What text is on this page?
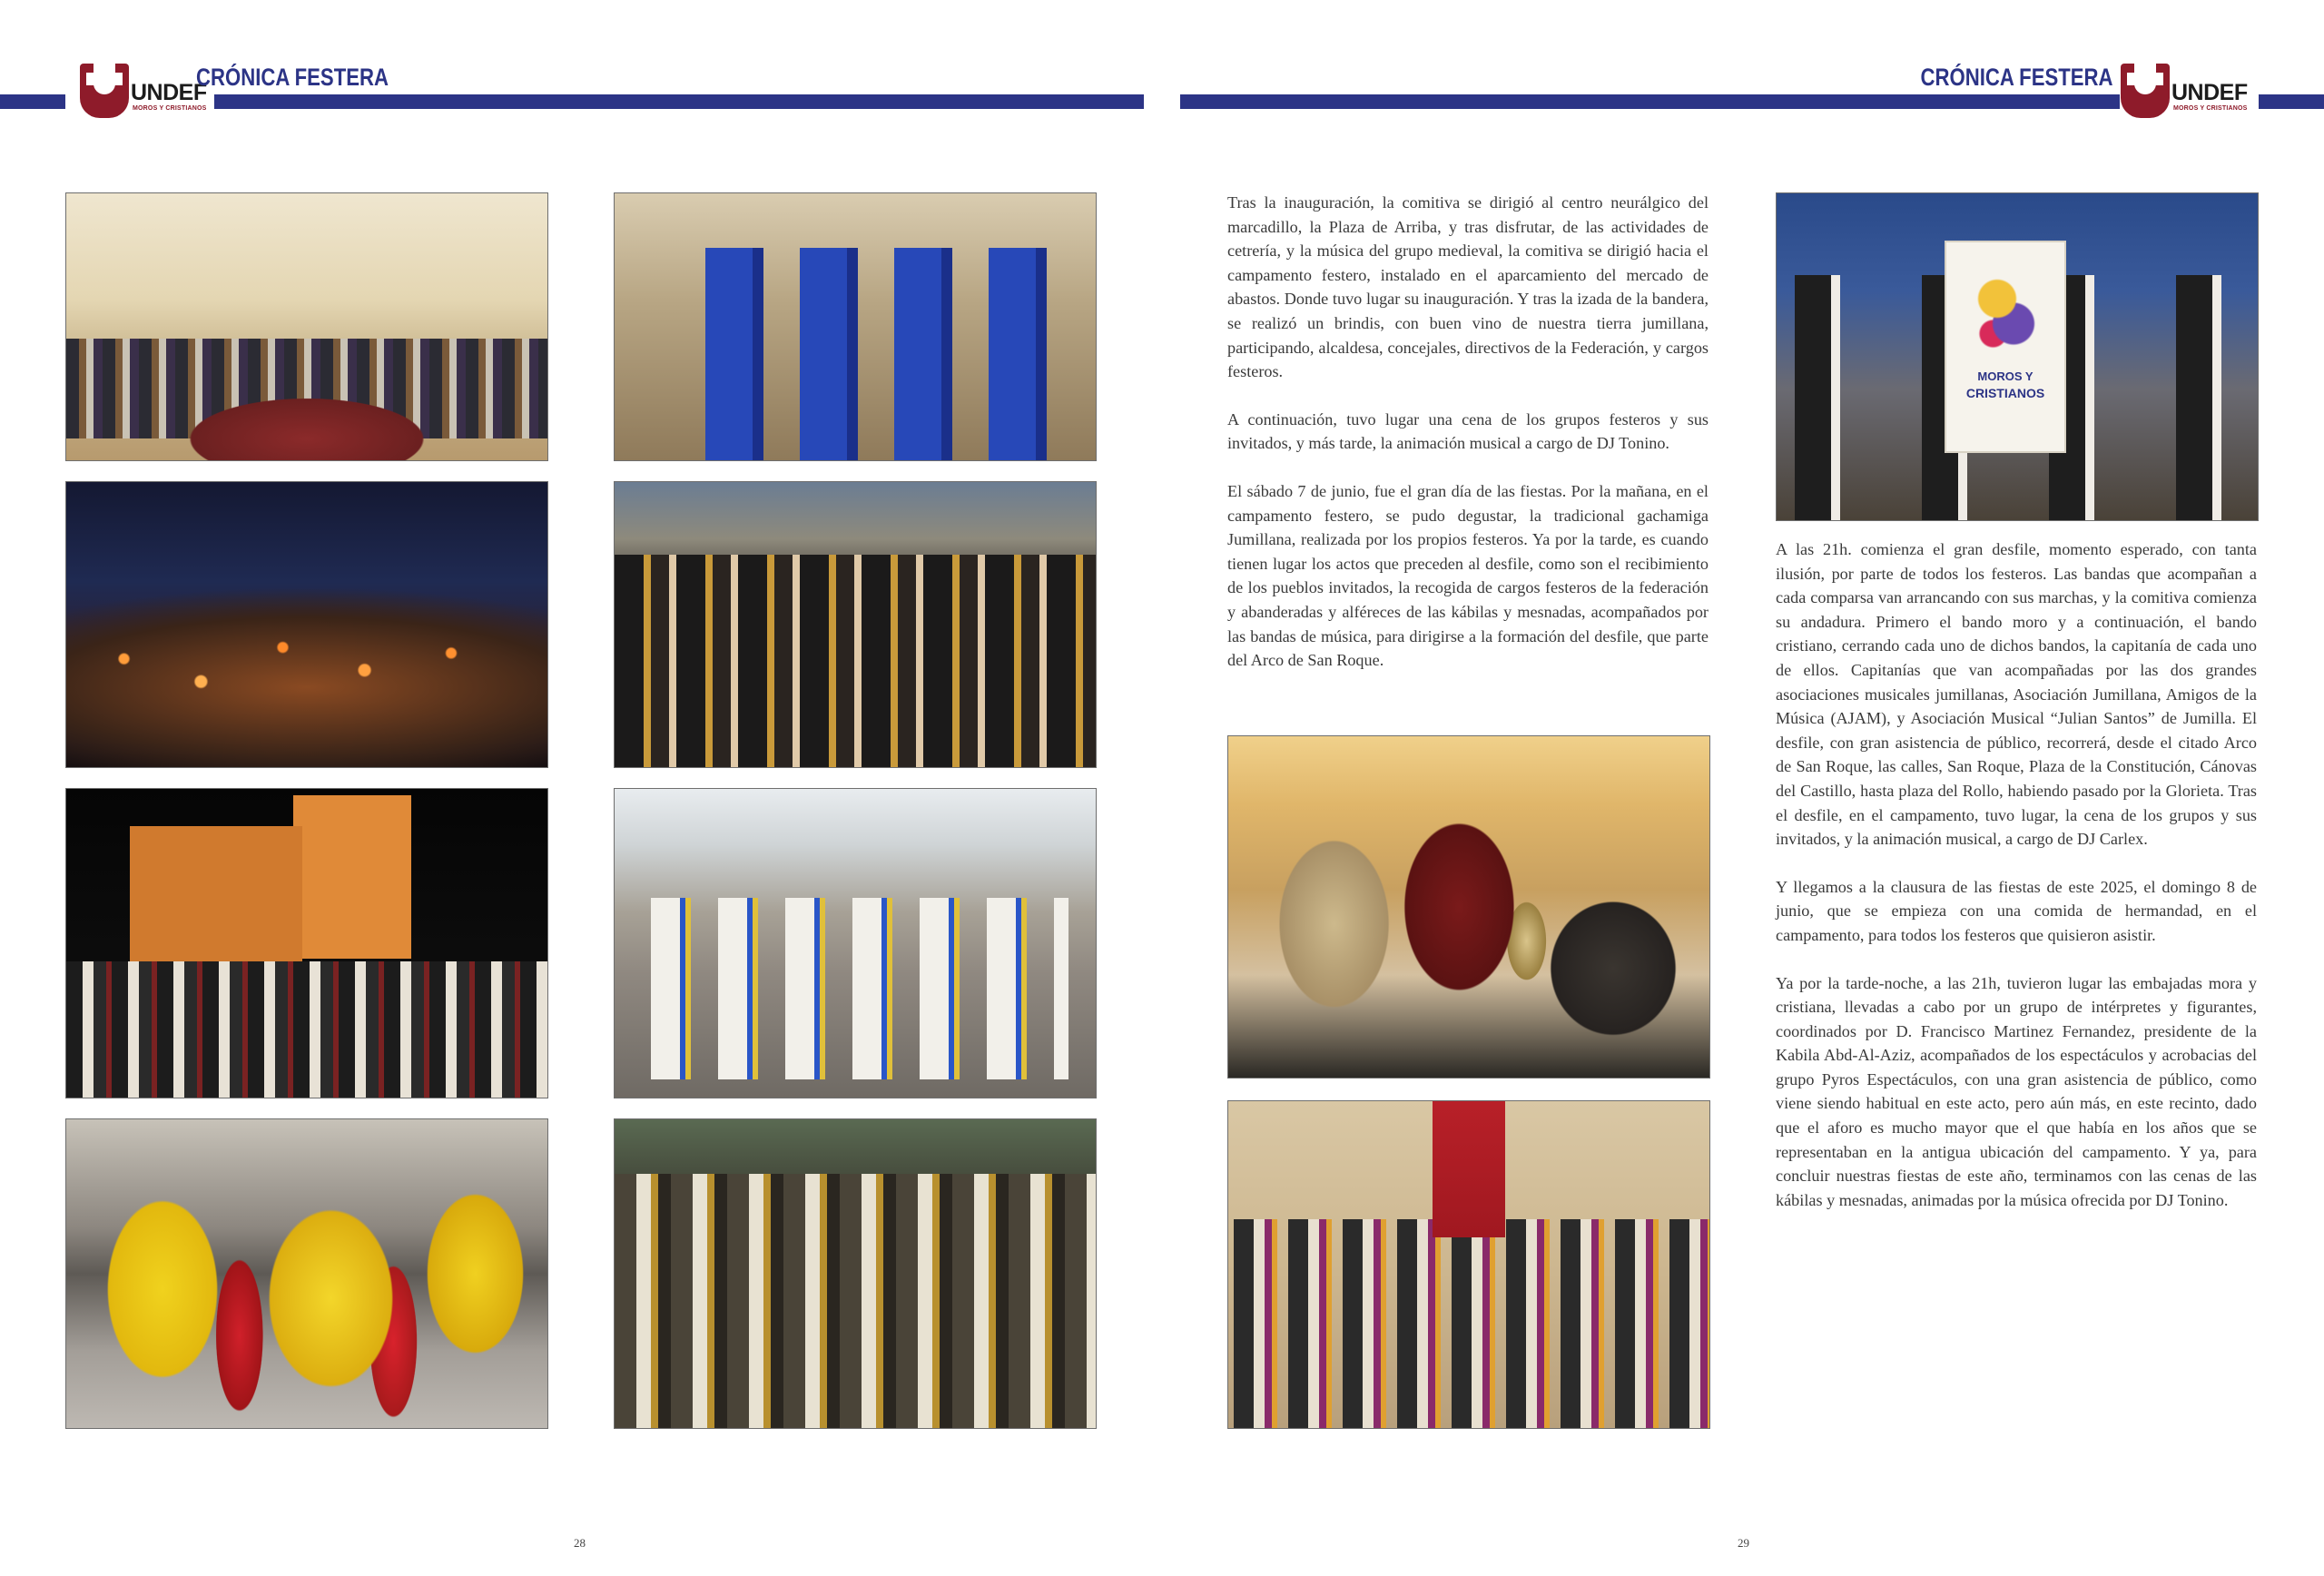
UNDEF
MOROS Y CRISTIANOS
CRÓNICA FESTERA	CRÓNICA FESTERA
UNDEF
MOROS Y CRISTIANOS

Tras la inauguración, la comitiva se dirigió al centro neurálgico del marcadillo, la Plaza de Arriba, y tras disfrutar, de las actividades de cetrería, y la música del grupo medieval, la comitiva se dirigió hacia el campamento festero, instalado en el aparcamiento del mercado de abastos. Donde tuvo lugar su inauguración. Y tras la izada de la bandera, se realizó un brindis, con buen vino de nuestra tierra jumillana, participando, alcaldesa, concejales, directivos de la Federación, y cargos festeros.

A continuación, tuvo lugar una cena de los grupos festeros y sus invitados, y más tarde, la animación musical a cargo de DJ Tonino.

El sábado 7 de junio, fue el gran día de las fiestas. Por la mañana, en el campamento festero, se pudo degustar, la tradicional gachamiga Jumillana, realizada por los propios festeros. Ya por la tarde, es cuando tienen lugar los actos que preceden al desfile, como son el recibimiento de los pueblos invitados, la recogida de cargos festeros de la federación y abanderadas y alféreces de las kábilas y mesnadas, acompañados por las bandas de música, para dirigirse a la formación del desfile, que parte del Arco de San Roque.

MOROS Y
CRISTIANOS

A las 21h. comienza el gran desfile, momento esperado, con tanta ilusión, por parte de todos los festeros. Las bandas que acompañan a cada comparsa van arrancando con sus marchas, y la comitiva comienza su andadura. Primero el bando moro y a continuación, el bando cristiano, cerrando cada uno de dichos bandos, la capitanía de cada uno de ellos. Capitanías que van acompañadas por las dos grandes asociaciones musicales jumillanas, Asociación Jumillana, Amigos de la Música (AJAM), y Asociación Musical “Julian Santos” de Jumilla. El desfile, con gran asistencia de público, recorrerá, desde el citado Arco de San Roque, las calles, San Roque, Plaza de la Constitución, Cánovas del Castillo, hasta plaza del Rollo, habiendo pasado por la Glorieta. Tras el desfile, en el campamento, tuvo lugar, la cena de los grupos y sus invitados, y la animación musical, a cargo de DJ Carlex.

Y llegamos a la clausura de las fiestas de este 2025, el domingo 8 de junio, que se empieza con una comida de hermandad, en el campamento, para todos los festeros que quisieron asistir.

Ya por la tarde-noche, a las 21h, tuvieron lugar las embajadas mora y cristiana, llevadas a cabo por un grupo de intérpretes y figurantes, coordinados por D. Francisco Martinez Fernandez, presidente de la Kabila Abd-Al-Aziz, acompañados de los espectáculos y acrobacias del grupo Pyros Espectáculos, con una gran asistencia de público, como viene siendo habitual en este acto, pero aún más, en este recinto, dado que el aforo es mucho mayor que el que había en los años que se representaban en la antigua ubicación del campamento. Y ya, para concluir nuestras fiestas de este año, terminamos con las cenas de las kábilas y mesnadas, animadas por la música ofrecida por DJ Tonino.

28	29
